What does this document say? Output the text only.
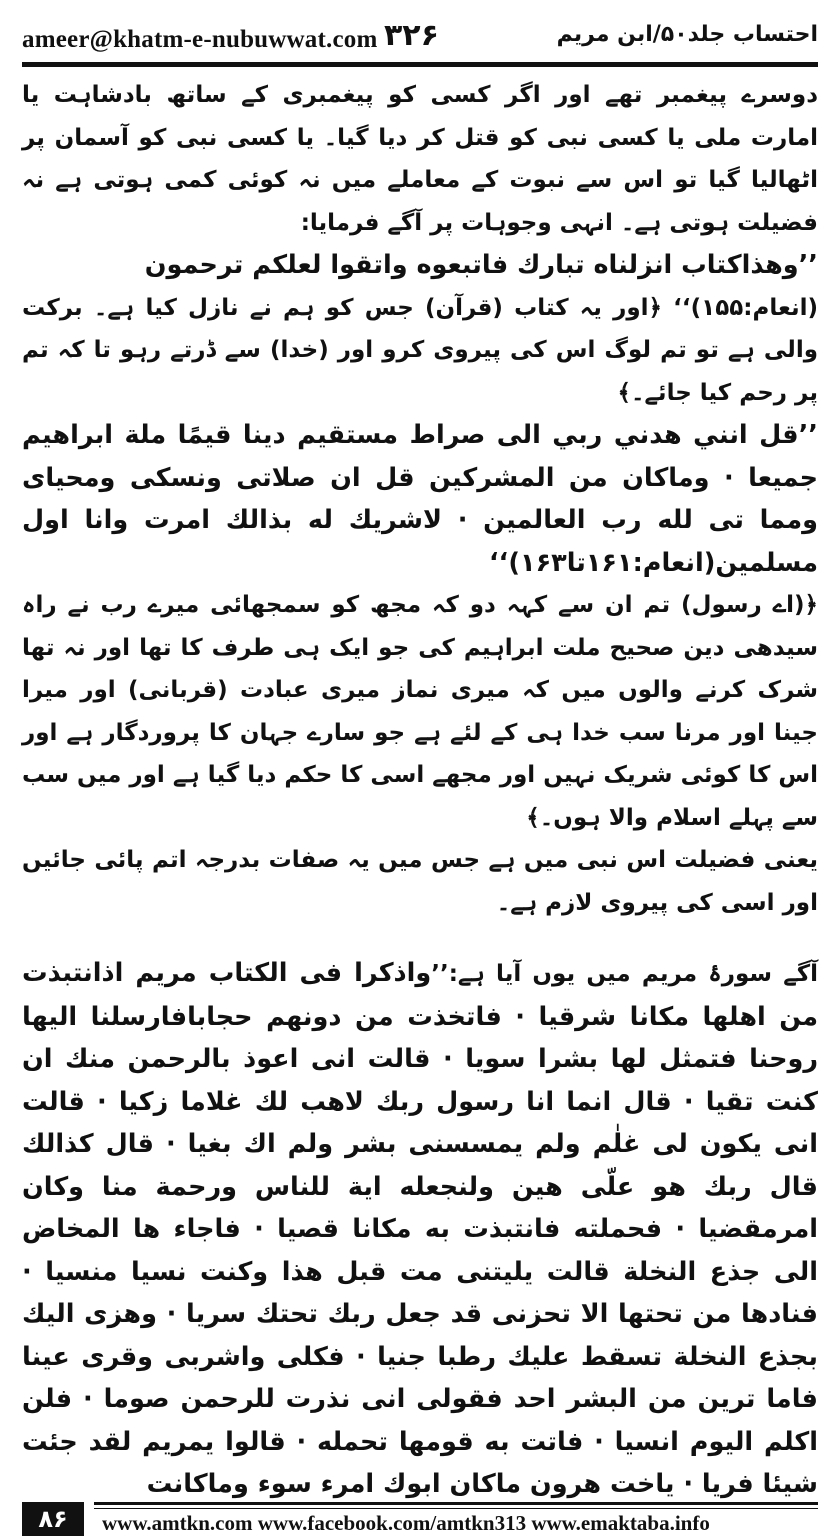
ameer@khatm-e-nubuwwat.com ۳۲۶	احتساب جلد۵۰/ابن مریم

دوسرے پیغمبر تھے اور اگر کسی کو پیغمبری کے ساتھ بادشاہت یا امارت ملی یا کسی نبی کو قتل کر دیا گیا۔ یا کسی نبی کو آسمان پر اٹھالیا گیا تو اس سے نبوت کے معاملے میں نہ کوئی کمی ہوتی ہے نہ فضیلت ہوتی ہے۔ انہی وجوہات پر آگے فرمایا:

’’وهذاكتاب انزلناه تبارك فاتبعوه واتقوا لعلكم ترحمون

(انعام:۱۵۵)‘‘ ﴿اور یہ کتاب (قرآن) جس کو ہم نے نازل کیا ہے۔ برکت والی ہے تو تم لوگ اس کی پیروی کرو اور (خدا) سے ڈرتے رہو تا کہ تم پر رحم کیا جائے۔﴾

’’قل انني هدني ربي الى صراط مستقيم دينا قيمًا ملة ابراهيم جميعا · وماكان من المشركين قل ان صلاتى ونسكى ومحياى ومما تى لله رب العالمين · لاشريك له بذالك امرت وانا اول مسلمين(انعام:۱۶۱تا۱۶۳)‘‘

﴿(اے رسول) تم ان سے کہہ دو کہ مجھ کو سمجھائی میرے رب نے راہ سیدھی دین صحیح ملت ابراہیم کی جو ایک ہی طرف کا تھا اور نہ تھا شرک کرنے والوں میں کہ میری نماز میری عبادت (قربانی) اور میرا جینا اور مرنا سب خدا ہی کے لئے ہے جو سارے جہان کا پروردگار ہے اور اس کا کوئی شریک نہیں اور مجھے اسی کا حکم دیا گیا ہے اور میں سب سے پہلے اسلام والا ہوں۔﴾

یعنی فضیلت اس نبی میں ہے جس میں یہ صفات بدرجہ اتم پائی جائیں اور اسی کی پیروی لازم ہے۔

آگے سورۂ مریم میں یوں آیا ہے:’’واذكرا فى الكتاب مريم اذانتبذت من اهلها مكانا شرقيا · فاتخذت من دونهم حجابافارسلنا اليها روحنا فتمثل لها بشرا سويا · قالت انى اعوذ بالرحمن منك ان كنت تقيا · قال انما انا رسول ربك لاهب لك غلاما زكيا · قالت انى يكون لى غلٰم ولم يمسسنى بشر ولم اك بغيا · قال كذالك قال ربك هو علّى هين ولنجعله اية للناس ورحمة منا وكان امرمقضيا · فحملته فانتبذت به مكانا قصيا · فاجاء ها المخاض الى جذع النخلة قالت يليتنى مت قبل هذا وكنت نسيا منسيا · فنادها من تحتها الا تحزنى قد جعل ربك تحتك سريا · وهزى اليك بجذع النخلة تسقط عليك رطبا جنيا · فكلى واشربى وقرى عينا فاما ترين من البشر احد فقولى انى نذرت للرحمن صوما · فلن اكلم اليوم انسيا · فاتت به قومها تحمله · قالوا يمريم لقد جئت شيئا فريا · ياخت هرون ماكان ابوك امرء سوء وماكانت

۸۶	www.amtkn.com www.facebook.com/amtkn313 www.emaktaba.info
